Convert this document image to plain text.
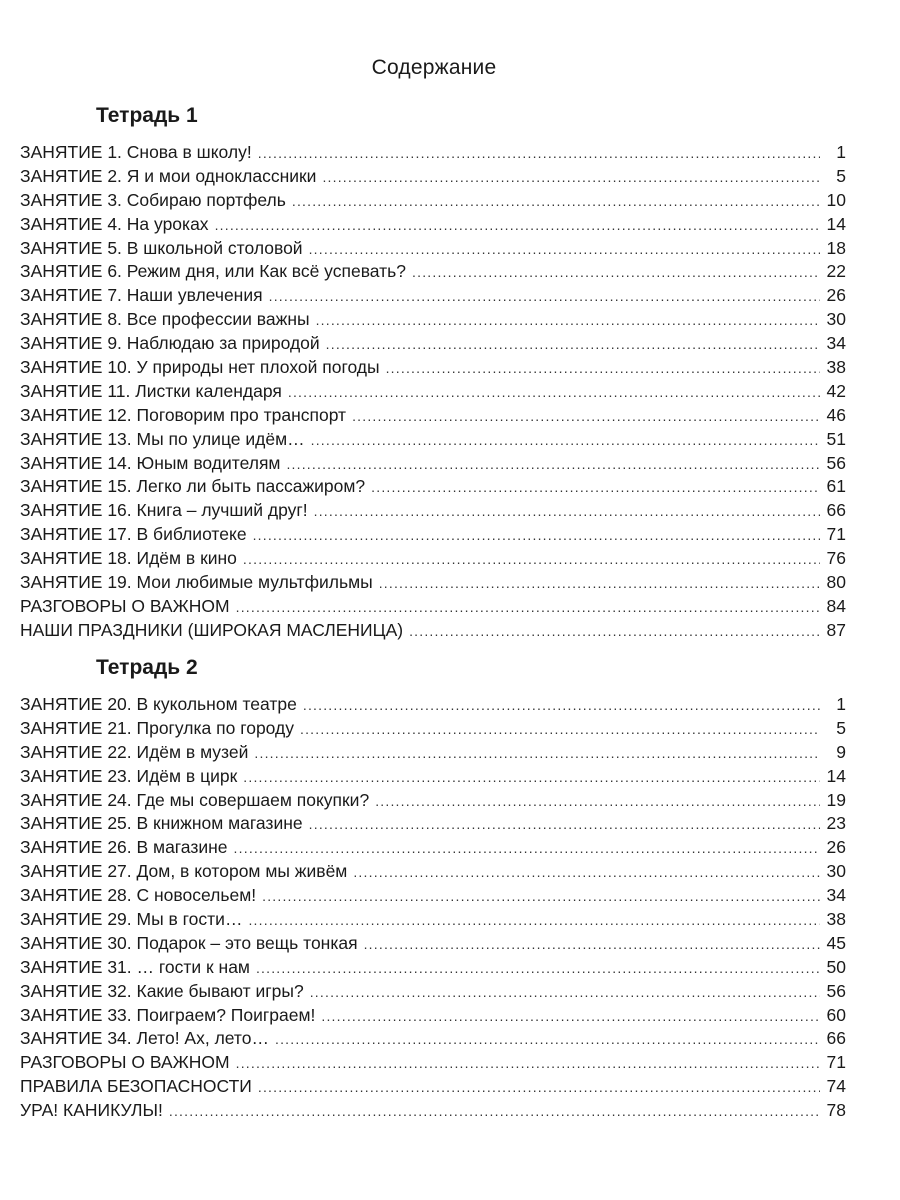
Содержание
Тетрадь 1
ЗАНЯТИЕ 1. Снова в школу! .....	1
ЗАНЯТИЕ 2. Я и мои одноклассники .....	5
ЗАНЯТИЕ 3. Собираю портфель .....	10
ЗАНЯТИЕ 4. На уроках .....	14
ЗАНЯТИЕ 5. В школьной столовой .....	18
ЗАНЯТИЕ 6. Режим дня, или Как всё успевать? .....	22
ЗАНЯТИЕ 7. Наши увлечения .....	26
ЗАНЯТИЕ 8. Все профессии важны .....	30
ЗАНЯТИЕ 9. Наблюдаю за природой .....	34
ЗАНЯТИЕ 10. У природы нет плохой погоды .....	38
ЗАНЯТИЕ 11. Листки календаря .....	42
ЗАНЯТИЕ 12. Поговорим про транспорт .....	46
ЗАНЯТИЕ 13. Мы по улице идём… .....	51
ЗАНЯТИЕ 14. Юным водителям .....	56
ЗАНЯТИЕ 15. Легко ли быть пассажиром? .....	61
ЗАНЯТИЕ 16. Книга – лучший друг! .....	66
ЗАНЯТИЕ 17. В библиотеке .....	71
ЗАНЯТИЕ 18. Идём в кино .....	76
ЗАНЯТИЕ 19. Мои любимые мультфильмы .....	80
РАЗГОВОРЫ О ВАЖНОМ .....	84
НАШИ ПРАЗДНИКИ (ШИРОКАЯ МАСЛЕНИЦА) .....	87
Тетрадь 2
ЗАНЯТИЕ 20. В кукольном театре .....	1
ЗАНЯТИЕ 21. Прогулка по городу .....	5
ЗАНЯТИЕ 22. Идём в музей .....	9
ЗАНЯТИЕ 23. Идём в цирк .....	14
ЗАНЯТИЕ 24. Где мы совершаем покупки? .....	19
ЗАНЯТИЕ 25. В книжном магазине .....	23
ЗАНЯТИЕ 26. В магазине .....	26
ЗАНЯТИЕ 27. Дом, в котором мы живём .....	30
ЗАНЯТИЕ 28. С новосельем! .....	34
ЗАНЯТИЕ 29. Мы в гости… .....	38
ЗАНЯТИЕ 30. Подарок – это вещь тонкая .....	45
ЗАНЯТИЕ 31. … гости к нам .....	50
ЗАНЯТИЕ 32. Какие бывают игры? .....	56
ЗАНЯТИЕ 33. Поиграем? Поиграем! .....	60
ЗАНЯТИЕ 34. Лето! Ах, лето… .....	66
РАЗГОВОРЫ О ВАЖНОМ .....	71
ПРАВИЛА БЕЗОПАСНОСТИ .....	74
УРА! КАНИКУЛЫ! .....	78
